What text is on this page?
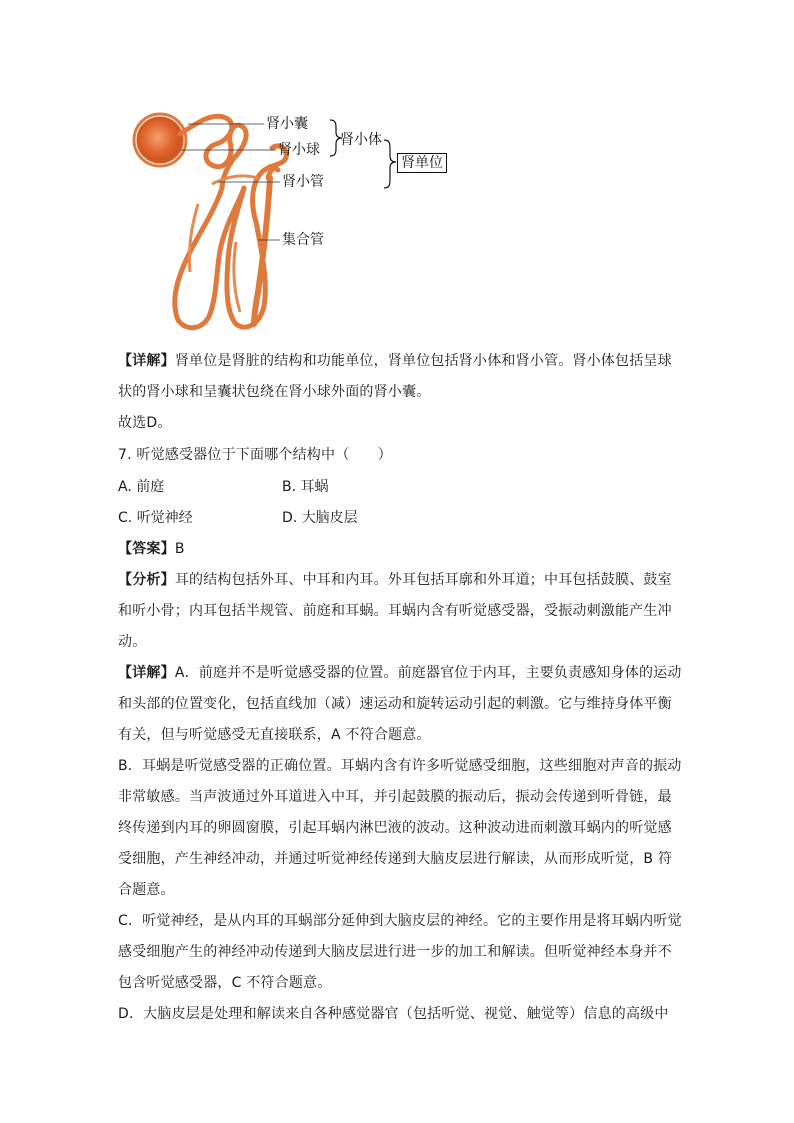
肾小囊
肾小球
肾小体
肾单位
肾小管
集合管
【详解】肾单位是肾脏的结构和功能单位，肾单位包括肾小体和肾小管。肾小体包括呈球
状的肾小球和呈囊状包绕在肾小球外面的肾小囊。
故选D。
7. 听觉感受器位于下面哪个结构中（　　）
A. 前庭	B. 耳蜗
C. 听觉神经	D. 大脑皮层
【答案】B
【分析】耳的结构包括外耳、中耳和内耳。外耳包括耳廓和外耳道；中耳包括鼓膜、鼓室
和听小骨；内耳包括半规管、前庭和耳蜗。耳蜗内含有听觉感受器，受振动刺激能产生冲
动。
【详解】A．前庭并不是听觉感受器的位置。前庭器官位于内耳，主要负责感知身体的运动
和头部的位置变化，包括直线加（减）速运动和旋转运动引起的刺激。它与维持身体平衡
有关，但与听觉感受无直接联系，A 不符合题意。
B．耳蜗是听觉感受器的正确位置。耳蜗内含有许多听觉感受细胞，这些细胞对声音的振动
非常敏感。当声波通过外耳道进入中耳，并引起鼓膜的振动后，振动会传递到听骨链，最
终传递到内耳的卵圆窗膜，引起耳蜗内淋巴液的波动。这种波动进而刺激耳蜗内的听觉感
受细胞，产生神经冲动，并通过听觉神经传递到大脑皮层进行解读，从而形成听觉，B 符
合题意。
C．听觉神经，是从内耳的耳蜗部分延伸到大脑皮层的神经。它的主要作用是将耳蜗内听觉
感受细胞产生的神经冲动传递到大脑皮层进行进一步的加工和解读。但听觉神经本身并不
包含听觉感受器，C 不符合题意。
D．大脑皮层是处理和解读来自各种感觉器官（包括听觉、视觉、触觉等）信息的高级中
